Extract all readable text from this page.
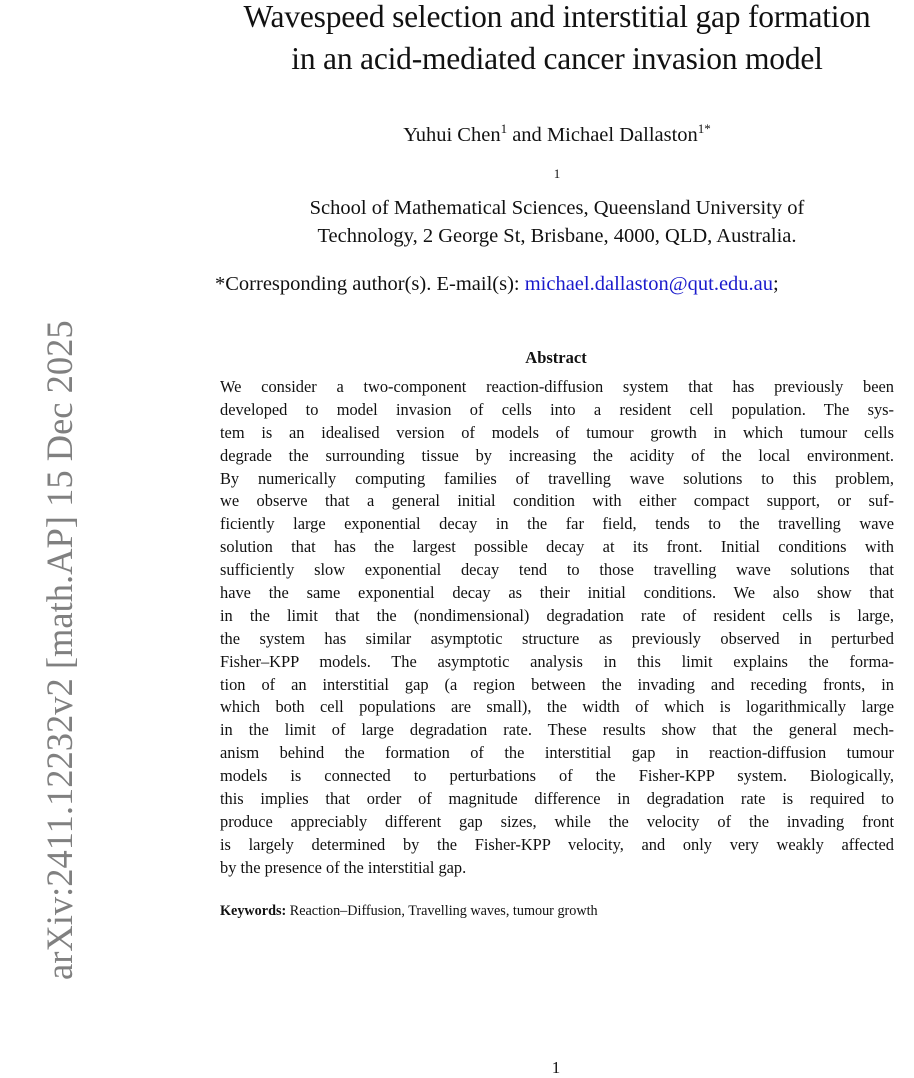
arXiv:2411.12232v2 [math.AP] 15 Dec 2025
Wavespeed selection and interstitial gap formation
in an acid-mediated cancer invasion model
Yuhui Chen$^1$ and Michael Dallaston$^{1*}$
$^1$
School of Mathematical Sciences, Queensland University of
Technology, 2 George St, Brisbane, 4000, QLD, Australia.
*Corresponding author(s). E-mail(s): michael.dallaston@qut.edu.au;
Abstract
We consider a two-component reaction-diffusion system that has previously been
developed to model invasion of cells into a resident cell population. The sys-
tem is an idealised version of models of tumour growth in which tumour cells
degrade the surrounding tissue by increasing the acidity of the local environment.
By numerically computing families of travelling wave solutions to this problem,
we observe that a general initial condition with either compact support, or suf-
ficiently large exponential decay in the far field, tends to the travelling wave
solution that has the largest possible decay at its front. Initial conditions with
sufficiently slow exponential decay tend to those travelling wave solutions that
have the same exponential decay as their initial conditions. We also show that
in the limit that the (nondimensional) degradation rate of resident cells is large,
the system has similar asymptotic structure as previously observed in perturbed
Fisher–KPP models. The asymptotic analysis in this limit explains the forma-
tion of an interstitial gap (a region between the invading and receding fronts, in
which both cell populations are small), the width of which is logarithmically large
in the limit of large degradation rate. These results show that the general mech-
anism behind the formation of the interstitial gap in reaction-diffusion tumour
models is connected to perturbations of the Fisher-KPP system. Biologically,
this implies that order of magnitude difference in degradation rate is required to
produce appreciably different gap sizes, while the velocity of the invading front
is largely determined by the Fisher-KPP velocity, and only very weakly affected
by the presence of the interstitial gap.
Keywords: Reaction–Diffusion, Travelling waves, tumour growth
1
